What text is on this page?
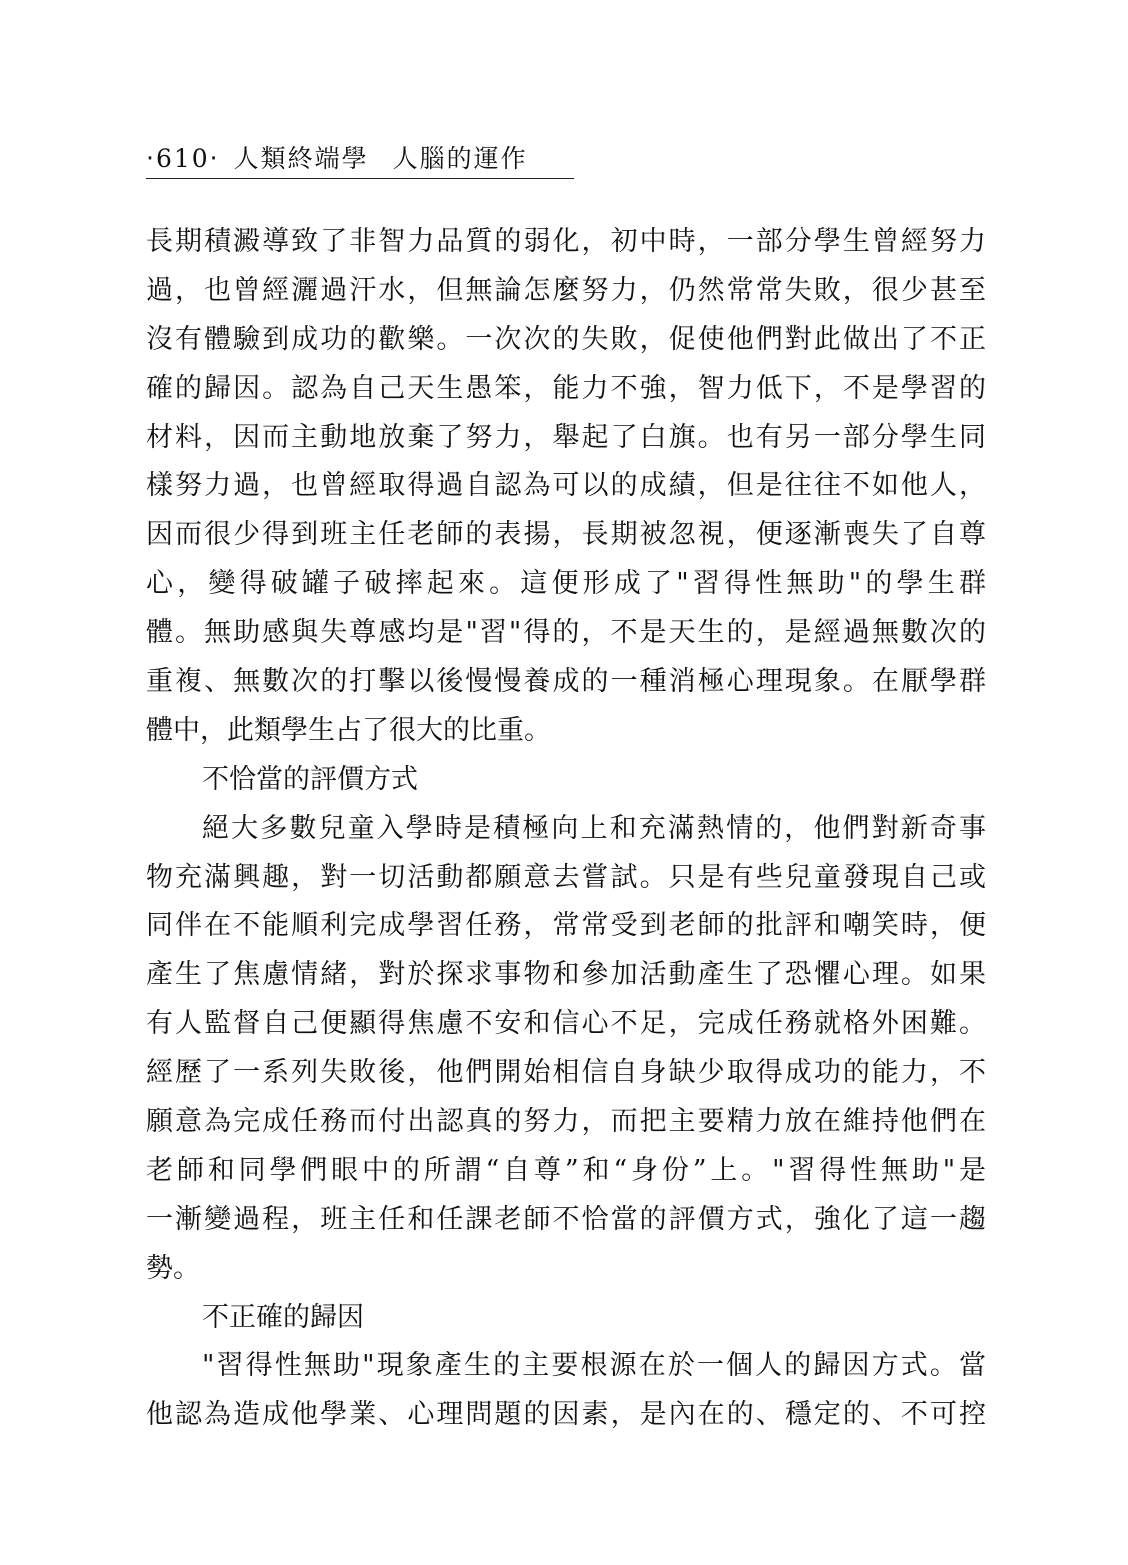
‧610‧ 人類終端學 人腦的運作
長期積澱導致了非智力品質的弱化，初中時，一部分學生曾經努力
過，也曾經灑過汗水，但無論怎麼努力，仍然常常失敗，很少甚至
沒有體驗到成功的歡樂。一次次的失敗，促使他們對此做出了不正
確的歸因。認為自己天生愚笨，能力不強，智力低下，不是學習的
材料，因而主動地放棄了努力，舉起了白旗。也有另一部分學生同
樣努力過，也曾經取得過自認為可以的成績，但是往往不如他人，
因而很少得到班主任老師的表揚，長期被忽視，便逐漸喪失了自尊
心，變得破罐子破摔起來。這便形成了"習得性無助"的學生群
體。無助感與失尊感均是"習"得的，不是天生的，是經過無數次的
重複、無數次的打擊以後慢慢養成的一種消極心理現象。在厭學群
體中，此類學生占了很大的比重。
不恰當的評價方式
絕大多數兒童入學時是積極向上和充滿熱情的，他們對新奇事
物充滿興趣，對一切活動都願意去嘗試。只是有些兒童發現自己或
同伴在不能順利完成學習任務，常常受到老師的批評和嘲笑時，便
產生了焦慮情緒，對於探求事物和參加活動產生了恐懼心理。如果
有人監督自己便顯得焦慮不安和信心不足，完成任務就格外困難。
經歷了一系列失敗後，他們開始相信自身缺少取得成功的能力，不
願意為完成任務而付出認真的努力，而把主要精力放在維持他們在
老師和同學們眼中的所謂“自尊”和“身份”上。"習得性無助"是
一漸變過程，班主任和任課老師不恰當的評價方式，強化了這一趨
勢。
不正確的歸因
"習得性無助"現象產生的主要根源在於一個人的歸因方式。當
他認為造成他學業、心理問題的因素，是內在的、穩定的、不可控
